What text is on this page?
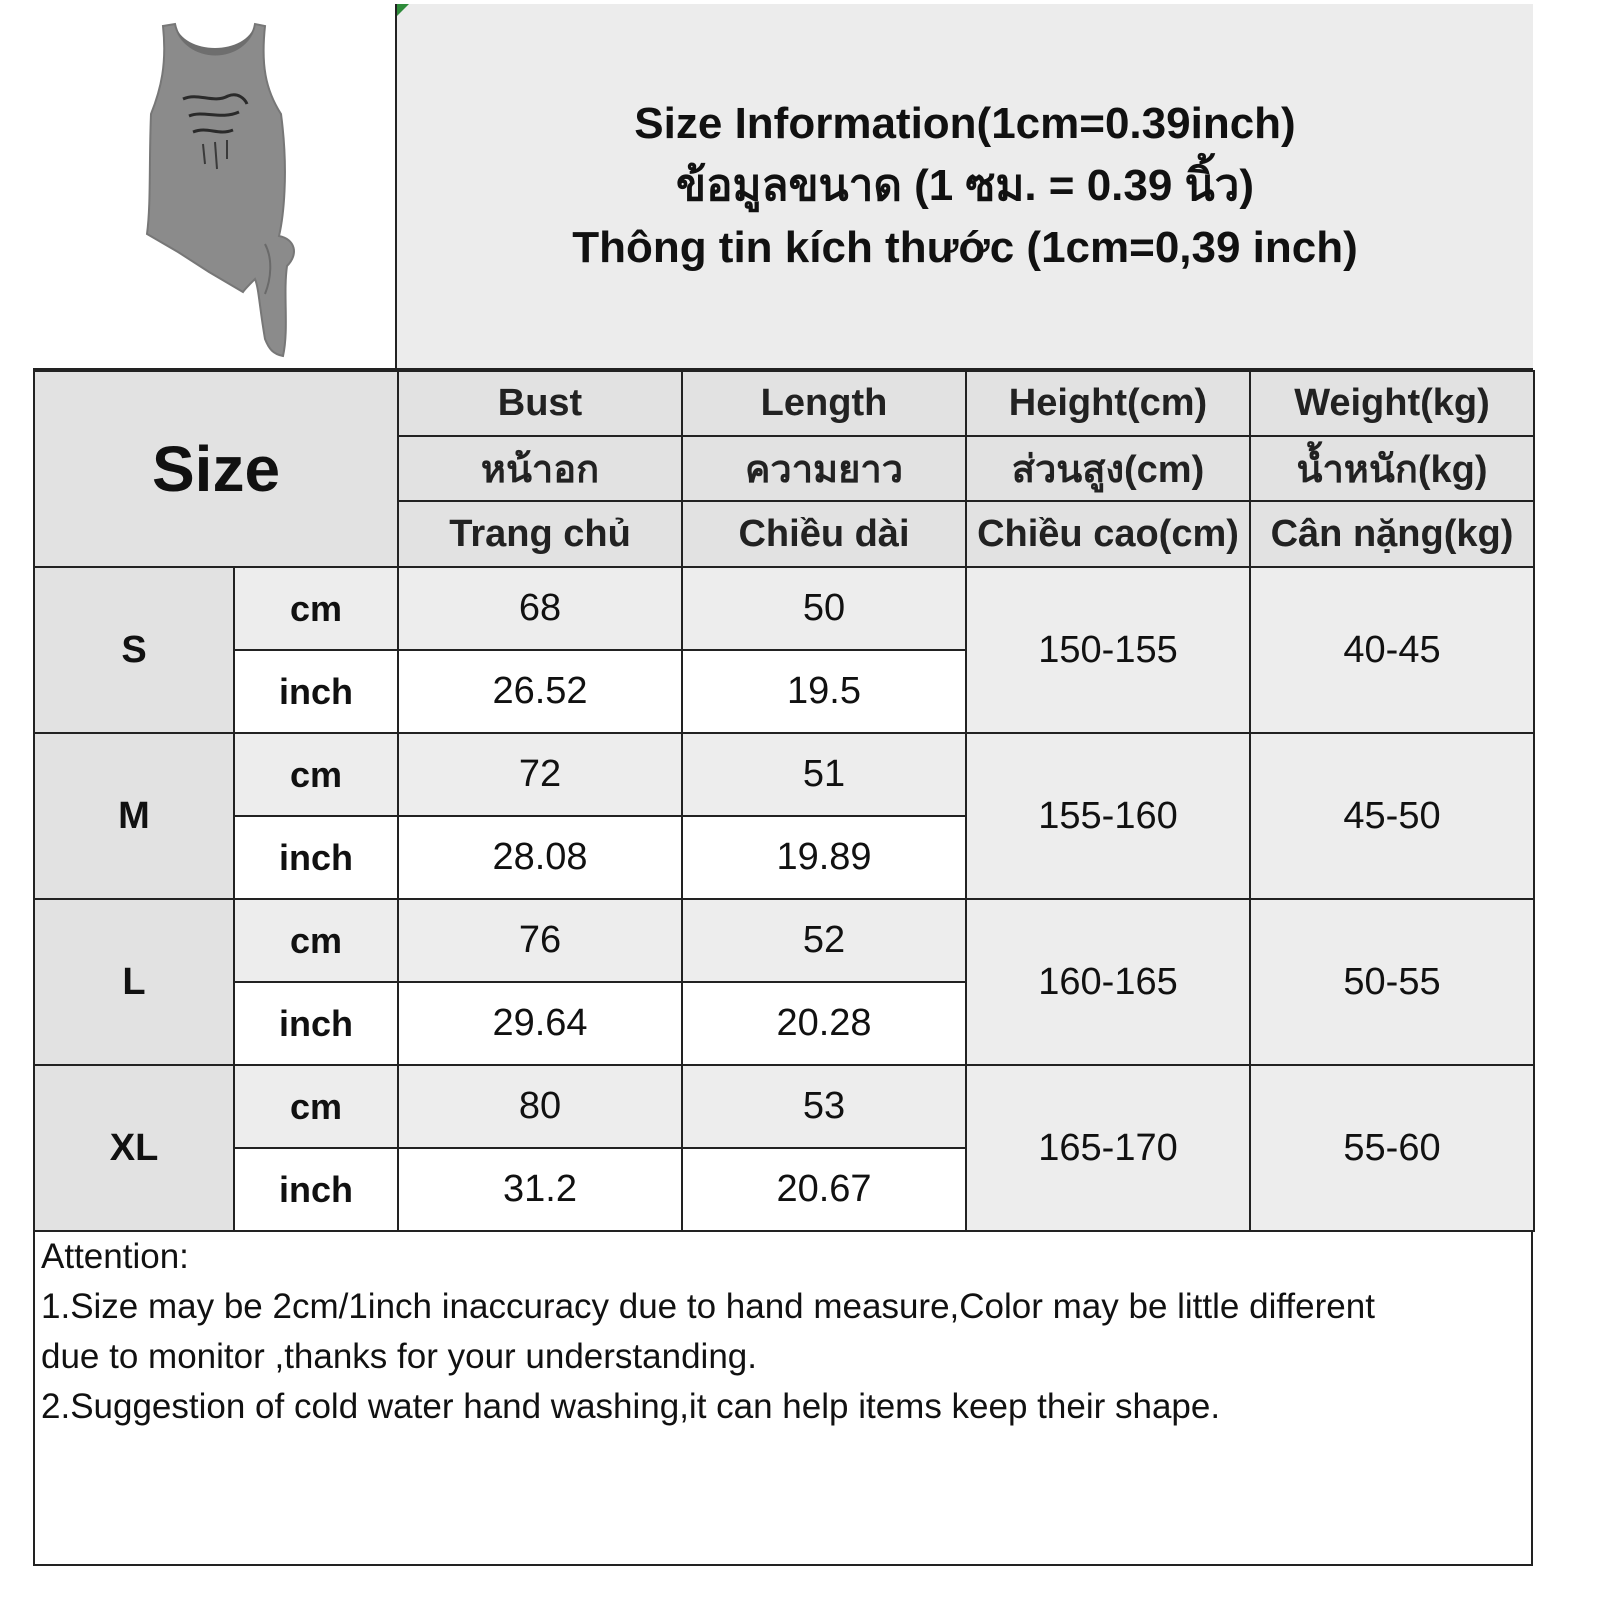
Size Information(1cm=0.39inch)
ข้อมูลขนาด (1 ซม. = 0.39 นิ้ว)
Thông tin kích thước (1cm=0,39 inch)
Size		Bust	Length	Height(cm)	Weight(kg)
		หน้าอก	ความยาว	ส่วนสูง(cm)	น้ำหนัก(kg)
		Trang chủ	Chiều dài	Chiều cao(cm)	Cân nặng(kg)
S	cm	68	50	150-155	40-45
	inch	26.52	19.5		
M	cm	72	51	155-160	45-50
	inch	28.08	19.89		
L	cm	76	52	160-165	50-55
	inch	29.64	20.28		
XL	cm	80	53	165-170	55-60
	inch	31.2	20.67		
Attention:
1.Size may be 2cm/1inch inaccuracy due to hand measure,Color may be little different
due to monitor ,thanks for your understanding.
2.Suggestion of cold water hand washing,it can help items keep their shape.
